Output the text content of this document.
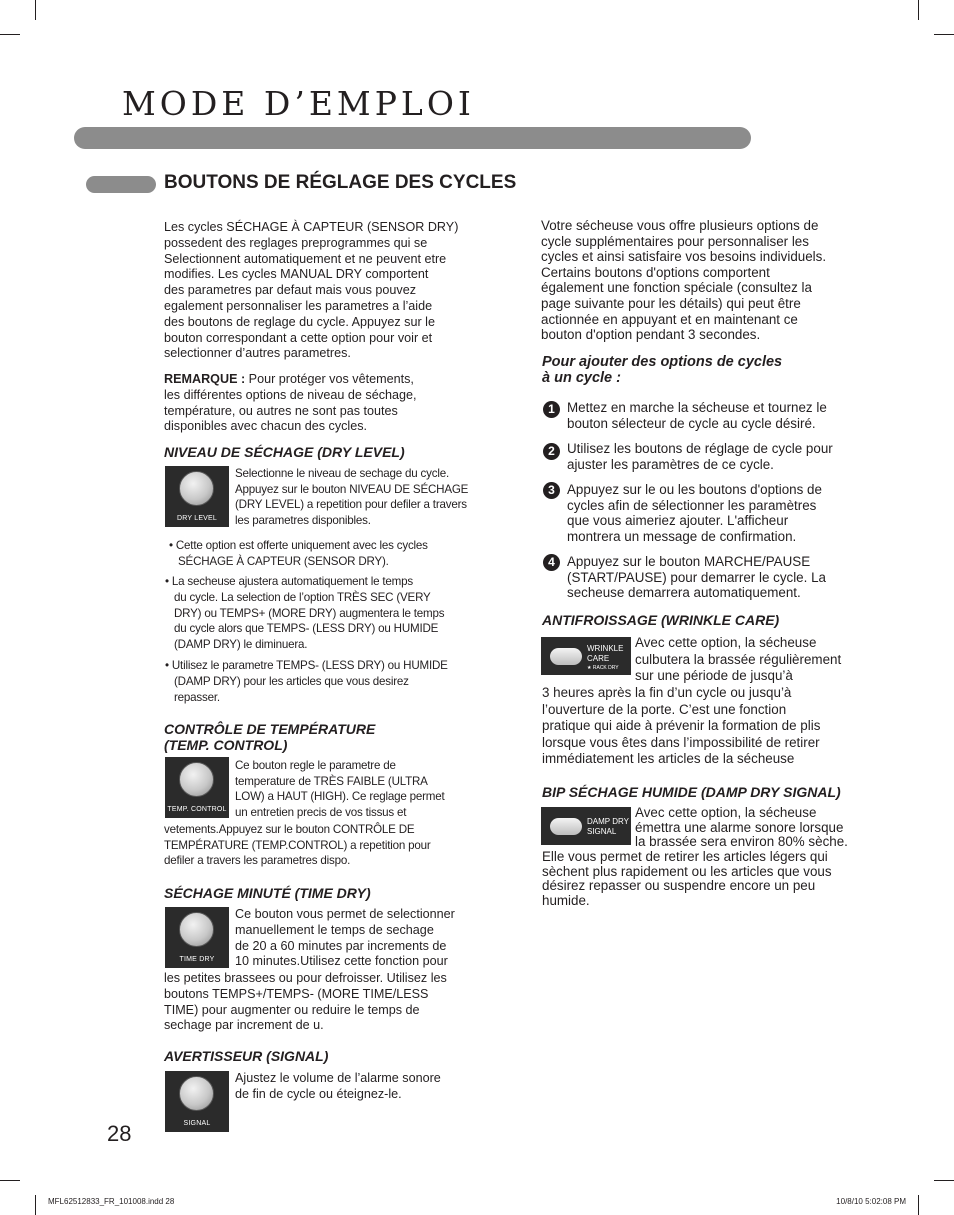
MODE D’EMPLOI
BOUTONS DE RÉGLAGE DES CYCLES

Les cycles SÉCHAGE À CAPTEUR (SENSOR DRY)
possedent des reglages preprogrammes qui se
Selectionnent automatiquement et ne peuvent etre
modifies. Les cycles MANUAL DRY comportent
des parametres par defaut mais vous pouvez
egalement personnaliser les parametres a l’aide
des boutons de reglage du cycle. Appuyez sur le
bouton correspondant a cette option pour voir et
selectionner d’autres parametres.

REMARQUE : Pour protéger vos vêtements,
les différentes options de niveau de séchage,
température, ou autres ne sont pas toutes
disponibles avec chacun des cycles.

NIVEAU DE SÉCHAGE (DRY LEVEL)
DRY LEVEL

Selectionne le niveau de sechage du cycle.
Appuyez sur le bouton NIVEAU DE SÉCHAGE
(DRY LEVEL) a repetition pour defiler a travers
les parametres disponibles.

• Cette option est offerte uniquement avec les cycles
SÉCHAGE À CAPTEUR (SENSOR DRY).

• La secheuse ajustera automatiquement le temps
du cycle. La selection de l’option TRÈS SEC (VERY
DRY) ou TEMPS+ (MORE DRY) augmentera le temps
du cycle alors que TEMPS- (LESS DRY) ou HUMIDE
(DAMP DRY) le diminuera.

• Utilisez le parametre TEMPS- (LESS DRY) ou HUMIDE
(DAMP DRY) pour les articles que vous desirez
repasser.

CONTRÔLE DE TEMPÉRATURE
(TEMP. CONTROL)
TEMP. CONTROL

Ce bouton regle le parametre de
temperature de TRÈS FAIBLE (ULTRA
LOW) a HAUT (HIGH). Ce reglage permet
un entretien precis de vos tissus et

vetements.Appuyez sur le bouton CONTRÔLE DE
TEMPÉRATURE (TEMP.CONTROL) a repetition pour
defiler a travers les parametres dispo.

SÉCHAGE MINUTÉ (TIME DRY)
TIME DRY

Ce bouton vous permet de selectionner
manuellement le temps de sechage
de 20 a 60 minutes par increments de
10 minutes.Utilisez cette fonction pour

les petites brassees ou pour defroisser. Utilisez les
boutons TEMPS+/TEMPS- (MORE TIME/LESS
TIME) pour augmenter ou reduire le temps de
sechage par increment de u.

AVERTISSEUR (SIGNAL)
SIGNAL

Ajustez le volume de l’alarme sonore
de fin de cycle ou éteignez-le.

28

Votre sécheuse vous offre plusieurs options de
cycle supplémentaires pour personnaliser les
cycles et ainsi satisfaire vos besoins individuels.
Certains boutons d'options comportent
également une fonction spéciale (consultez la
page suivante pour les détails) qui peut être
actionnée en appuyant et en maintenant ce
bouton d'option pendant 3 secondes.

Pour ajouter des options de cycles
à un cycle :
1 Mettez en marche la sécheuse et tournez le
bouton sélecteur de cycle au cycle désiré.

2 Utilisez les boutons de réglage de cycle pour
ajuster les paramètres de ce cycle.

3 Appuyez sur le ou les boutons d'options de
cycles afin de sélectionner les paramètres
que vous aimeriez ajouter. L'afficheur
montrera un message de confirmation.

4 Appuyez sur le bouton MARCHE/PAUSE
(START/PAUSE) pour demarrer le cycle. La
secheuse demarrera automatiquement.

ANTIFROISSAGE (WRINKLE CARE)
WRINKLE
CARE
★ RACK DRY

Avec cette option, la sécheuse
culbutera la brassée régulièrement
sur une période de jusqu’à

3 heures après la fin d’un cycle ou jusqu’à
l’ouverture de la porte. C’est une fonction
pratique qui aide à prévenir la formation de plis
lorsque vous êtes dans l’impossibilité de retirer
immédiatement les articles de la sécheuse

BIP SÉCHAGE HUMIDE (DAMP DRY SIGNAL)
DAMP DRY
SIGNAL

Avec cette option, la sécheuse
émettra une alarme sonore lorsque
la brassée sera environ 80% sèche.

Elle vous permet de retirer les articles légers qui
sèchent plus rapidement ou les articles que vous
désirez repasser ou suspendre encore un peu
humide.

MFL62512833_FR_101008.indd 28	10/8/10 5:02:08 PM
